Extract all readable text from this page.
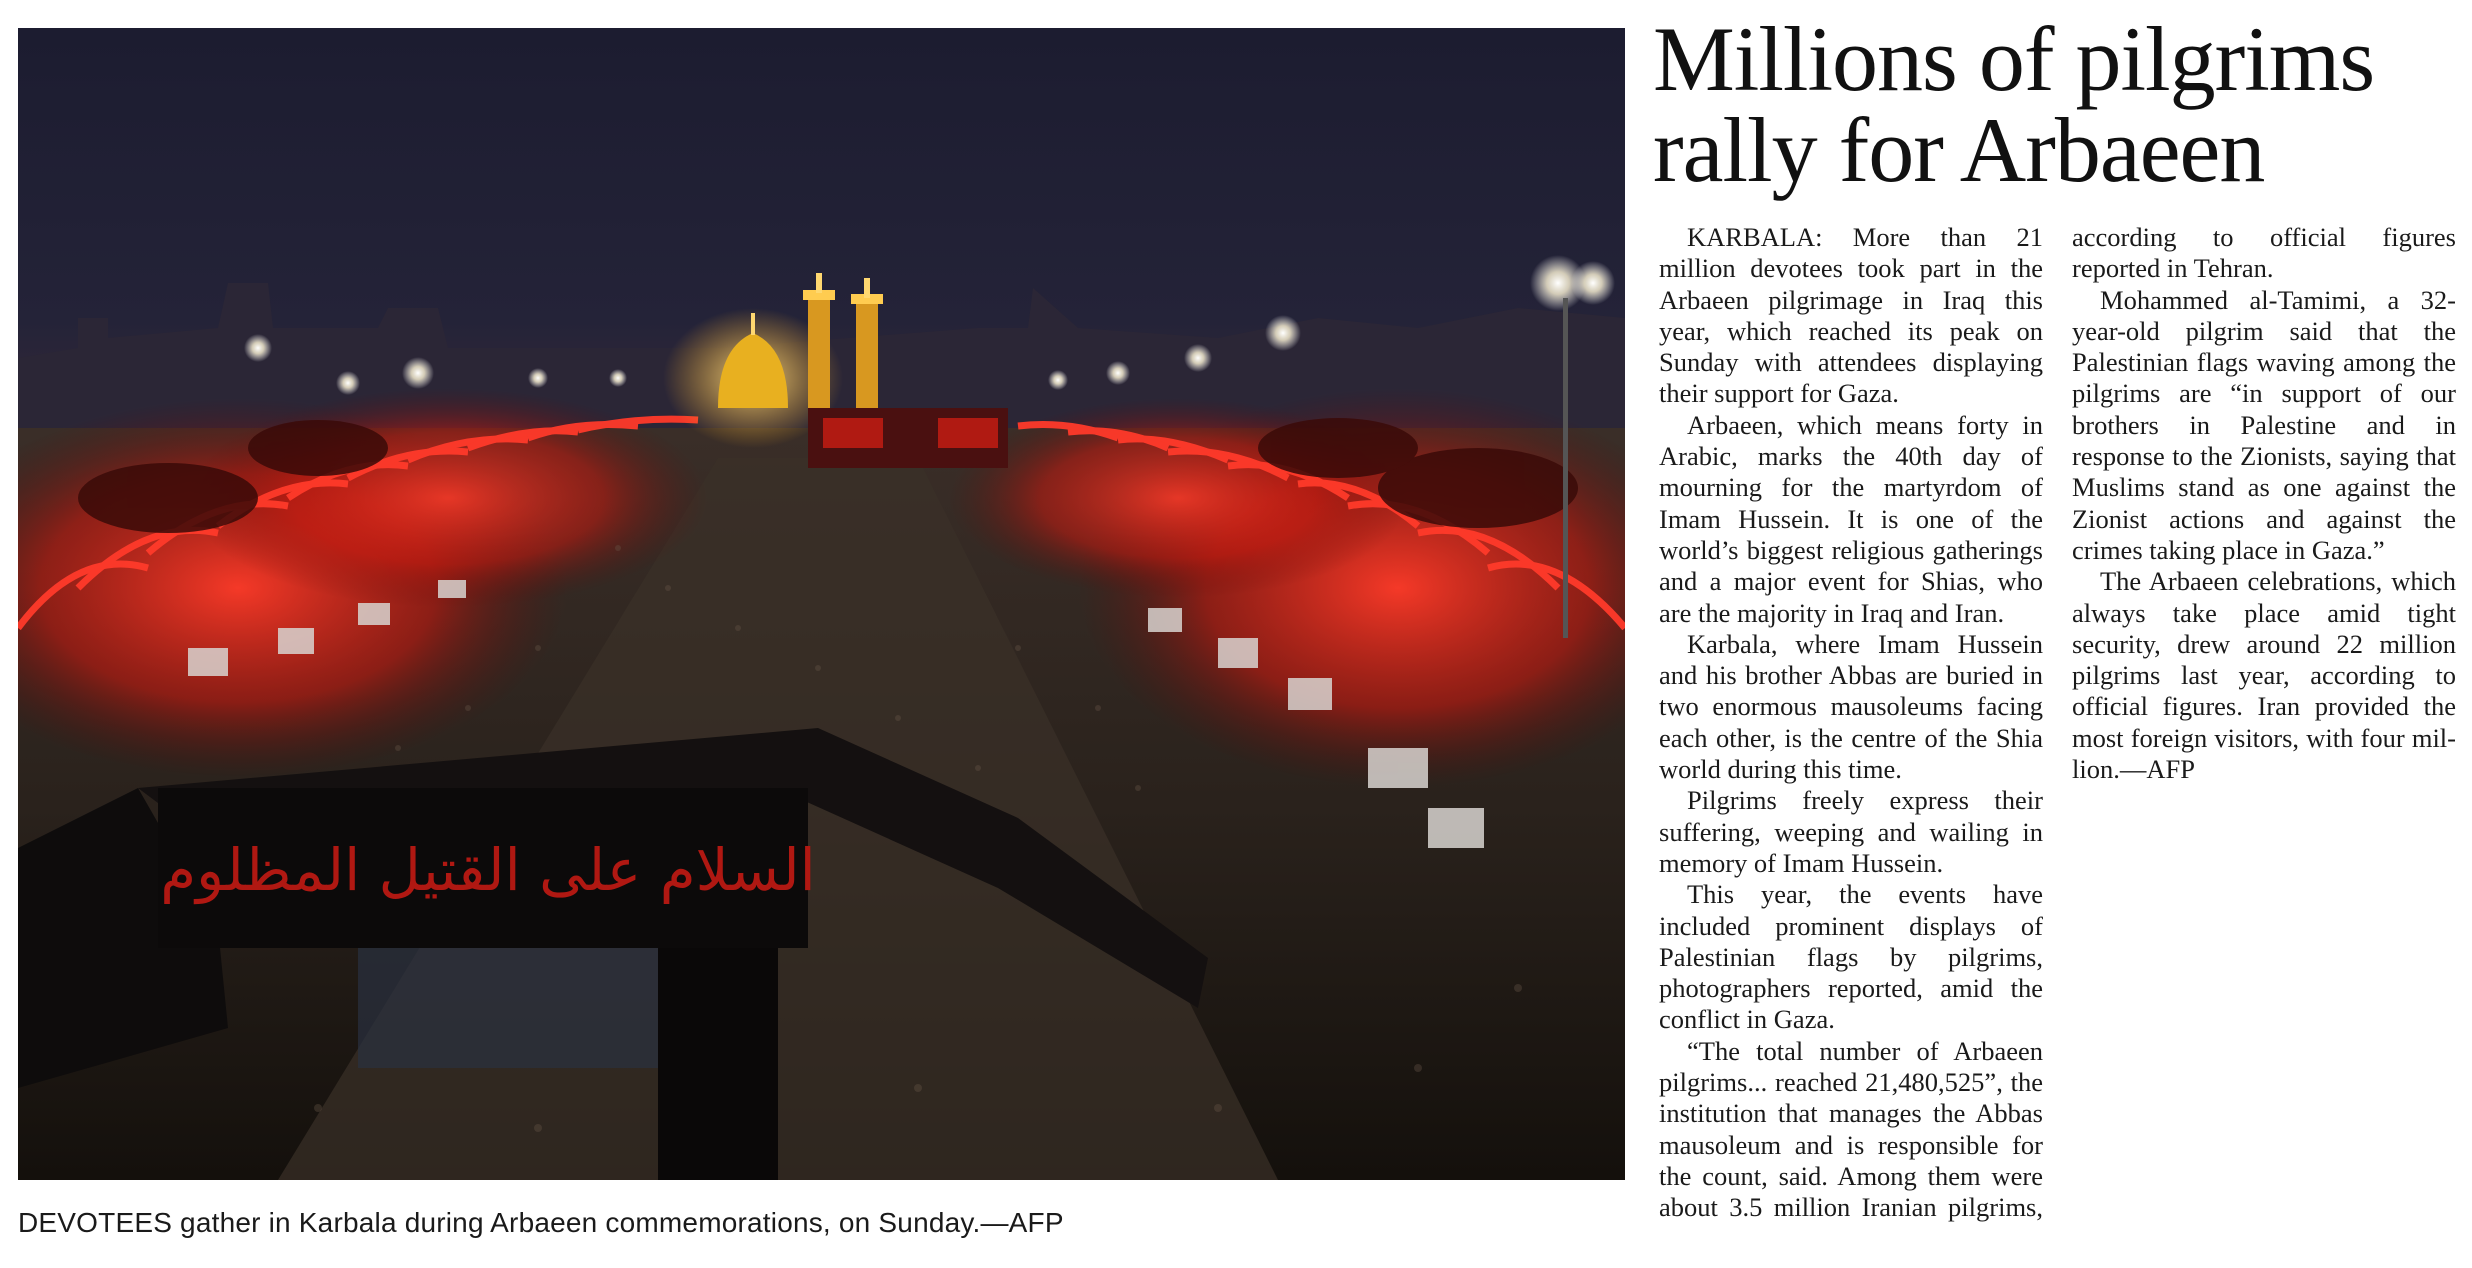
السلام على القتيل المظلوم
DEVOTEES gather in Karbala during Arbaeen commemorations, on Sunday.—AFP
Millions of pilgrims rally for Arbaeen

KARBALA: More than 21 million devotees took part in the Arbaeen pilgrimage in Iraq this year, which reached its peak on Sunday with attendees displaying their support for Gaza.

Arbaeen, which means forty in Arabic, marks the 40th day of mourning for the martyrdom of Imam Hussein. It is one of the world’s biggest religious gatherings and a major event for Shias, who are the majority in Iraq and Iran.

Karbala, where Imam Hussein and his brother Abbas are buried in two enormous mausoleums facing each other, is the centre of the Shia world during this time.

Pilgrims freely express their suffering, weeping and wailing in memory of Imam Hussein.

This year, the events have included prominent displays of Palestinian flags by pilgrims, photographers reported, amid the conflict in Gaza.

“The total number of Arbaeen pilgrims... reached 21,480,525”, the institution that manages the Abbas mausoleum and is responsible for the count, said. Among them were about 3.5 million Iranian pilgrims, according to official figures reported in Tehran.

Mohammed al-Tamimi, a 32-year-old pilgrim said that the Palestinian flags waving among the pilgrims are “in support of our brothers in Palestine and in response to the Zionists, saying that Muslims stand as one against the Zionist actions and against the crimes taking place in Gaza.”

The Arbaeen celebrations, which always take place amid tight security, drew around 22 million pilgrims last year, according to official figures. Iran provided the most foreign visitors, with four million.—AFP
